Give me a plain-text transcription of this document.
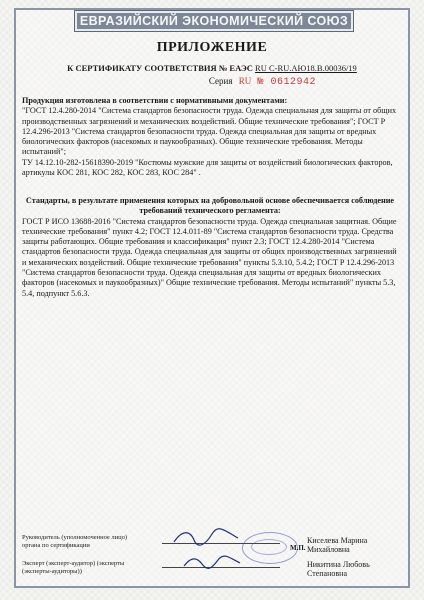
ЕВРАЗИЙСКИЙ ЭКОНОМИЧЕСКИЙ СОЮЗ
ПРИЛОЖЕНИЕ
К СЕРТИФИКАТУ СООТВЕТСТВИЯ № ЕАЭС RU C-RU.АЮ18.В.00036/19
Серия RU № 0612942
Продукция изготовлена в соответствии с нормативными документами:
"ГОСТ 12.4.280-2014 "Система стандартов безопасности труда. Одежда специальная для защиты от общих производственных загрязнений и механических воздействий. Общие технические требования"; ГОСТ Р 12.4.296-2013 "Система стандартов безопасности труда. Одежда специальная для защиты от вредных биологических факторов (насекомых и паукообразных). Общие технические требования. Методы испытаний";
ТУ 14.12.10-282-15618390-2019 "Костюмы мужские для защиты от воздействий биологических факторов, артикулы КОС 281, КОС 282, КОС 283, КОС 284" .
Стандарты, в результате применения которых на добровольной основе обеспечивается соблюдение требований технического регламента:
ГОСТ Р ИСО 13688-2016 "Система стандартов безопасности труда. Одежда специальная защитная. Общие технические требования" пункт 4.2; ГОСТ 12.4.011-89 "Система стандартов безопасности труда. Средства защиты работающих. Общие требования и классификация" пункт 2.3; ГОСТ 12.4.280-2014 "Система стандартов безопасности труда. Одежда специальная для защиты от общих производственных загрязнений и механических воздействий. Общие технические требования" пункты 5.3.10, 5.4.2; ГОСТ Р 12.4.296-2013 "Система стандартов безопасности труда. Одежда специальная для защиты от вредных биологических факторов (насекомых и паукообразных)" Общие технические требования. Методы испытаний" пункты 5.3, 5.4, подпункт 5.6.3.
Руководитель (уполномоченное лицо) органа по сертификации
Эксперт (эксперт-аудитор) (эксперты (эксперты-аудиторы))
М.П.
Киселева Марина Михайловна
Никитина Любовь Степановна
